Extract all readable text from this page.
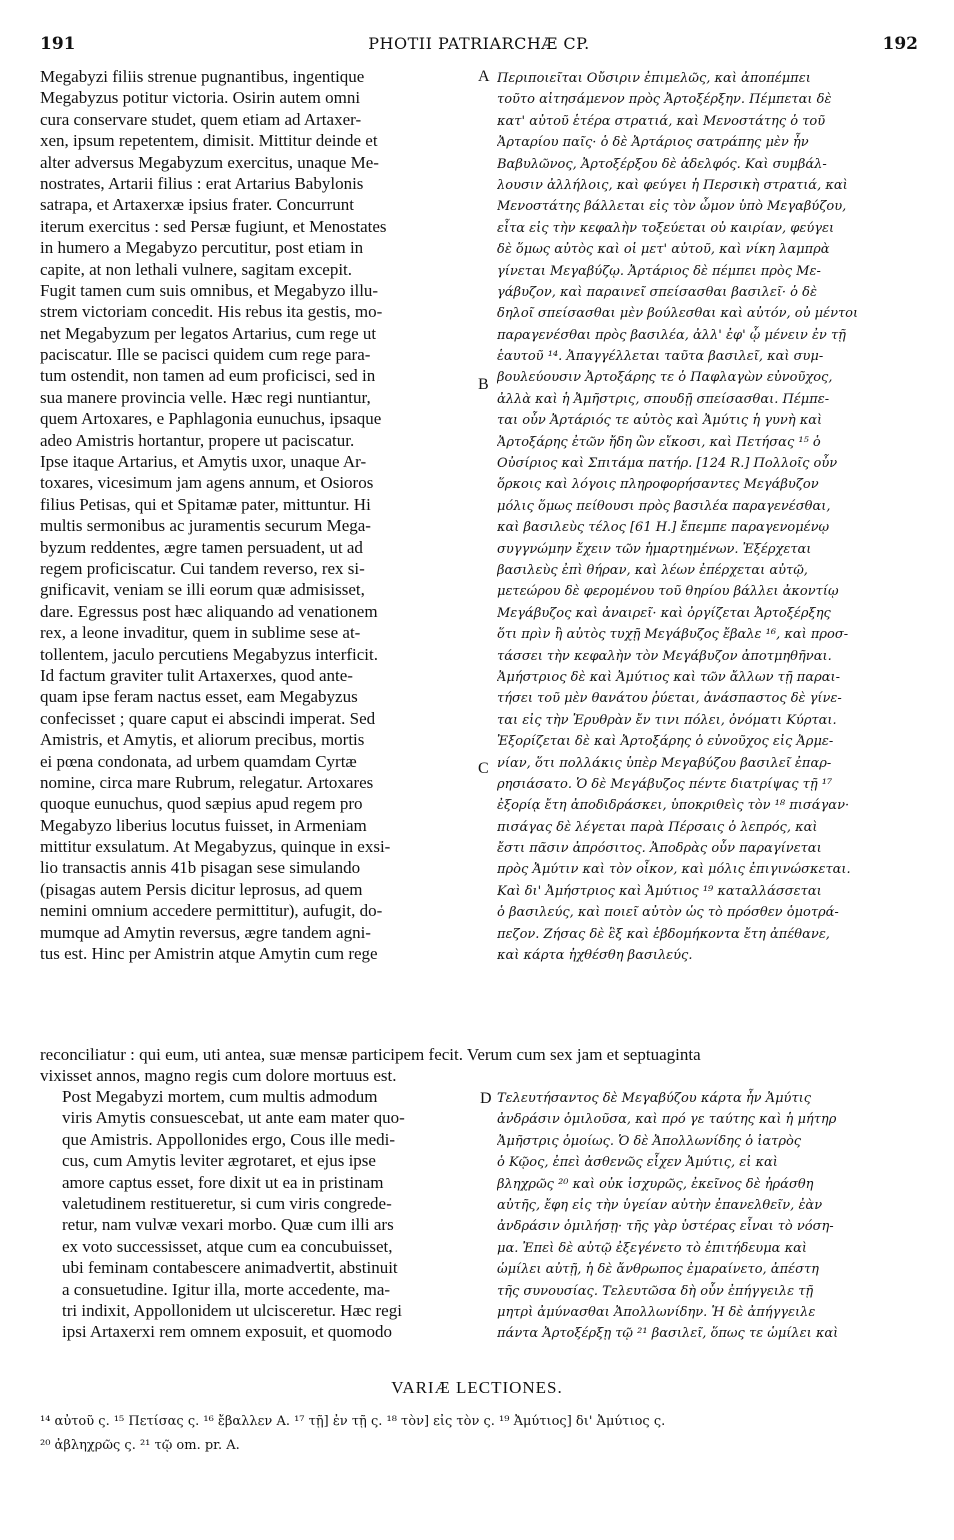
191	PHOTII PATRIARCHÆ CP.	192
Megabyzi filiis strenue pugnantibus, ingentique
Megabyzus potitur victoria. Osirin autem omni
cura conservare studet, quem etiam ad Artaxer-
xen, ipsum repetentem, dimisit. Mittitur deinde et
alter adversus Megabyzum exercitus, unaque Me-
nostrates, Artarii filius : erat Artarius Babylonis
satrapa, et Artaxerxæ ipsius frater. Concurrunt
iterum exercitus : sed Persæ fugiunt, et Menostates
in humero a Megabyzo percutitur, post etiam in
capite, at non lethali vulnere, sagitam excepit.
Fugit tamen cum suis omnibus, et Megabyzo illu-
strem victoriam concedit. His rebus ita gestis, mo-
net Megabyzum per legatos Artarius, cum rege ut
paciscatur. Ille se pacisci quidem cum rege para-
tum ostendit, non tamen ad eum proficisci, sed in
sua manere provincia velle. Hæc regi nuntiantur,
quem Artoxares, e Paphlagonia eunuchus, ipsaque
adeo Amistris hortantur, propere ut paciscatur.
Ipse itaque Artarius, et Amytis uxor, unaque Ar-
toxares, vicesimum jam agens annum, et Osioros
filius Petisas, qui et Spitamæ pater, mittuntur. Hi
multis sermonibus ac juramentis securum Mega-
byzum reddentes, ægre tamen persuadent, ut ad
regem proficiscatur. Cui tandem reverso, rex si-
gnificavit, veniam se illi eorum quæ admisisset,
dare. Egressus post hæc aliquando ad venationem
rex, a leone invaditur, quem in sublime sese at-
tollentem, jaculo percutiens Megabyzus interficit.
Id factum graviter tulit Artaxerxes, quod ante-
quam ipse feram nactus esset, eam Megabyzus
confecisset ; quare caput ei abscindi imperat. Sed
Amistris, et Amytis, et aliorum precibus, mortis
ei pœna condonata, ad urbem quamdam Cyrtæ
nomine, circa mare Rubrum, relegatur. Artoxares
quoque eunuchus, quod sæpius apud regem pro
Megabyzo liberius locutus fuisset, in Armeniam
mittitur exsulatum. At Megabyzus, quinque in exsi-
lio transactis annis 41b pisagan sese simulando
(pisagas autem Persis dicitur leprosus, ad quem
nemini omnium accedere permittitur), aufugit, do-
mumque ad Amytin reversus, ægre tandem agni-
tus est. Hinc per Amistrin atque Amytin cum rege
Περιποιεῖται Οὔσιριν ἐπιμελῶς, καὶ ἀποπέμπει
τοῦτο αἰτησάμενον πρὸς Ἀρτοξέρξην. Πέμπεται δὲ
κατ' αὐτοῦ ἑτέρα στρατιά, καὶ Μενοστάτης ὁ τοῦ
Ἀρταρίου παῖς· ὁ δὲ Ἀρτάριος σατράπης μὲν ἦν
Βαβυλῶνος, Ἀρτοξέρξου δὲ ἀδελφός. Καὶ συμβάλ-
λουσιν ἀλλήλοις, καὶ φεύγει ἡ Περσικὴ στρατιά, καὶ
Μενοστάτης βάλλεται εἰς τὸν ὦμον ὑπὸ Μεγαβύζου,
εἶτα εἰς τὴν κεφαλὴν τοξεύεται οὐ καιρίαν, φεύγει
δὲ ὅμως αὐτὸς καὶ οἱ μετ' αὐτοῦ, καὶ νίκη λαμπρὰ
γίνεται Μεγαβύζῳ. Ἀρτάριος δὲ πέμπει πρὸς Με-
γάβυζον, καὶ παραινεῖ σπείσασθαι βασιλεῖ· ὁ δὲ
δηλοῖ σπείσασθαι μὲν βούλεσθαι καὶ αὐτόν, οὐ μέντοι
παραγενέσθαι πρὸς βασιλέα, ἀλλ' ἐφ' ᾧ μένειν ἐν τῇ
ἑαυτοῦ ¹⁴. Ἀπαγγέλλεται ταῦτα βασιλεῖ, καὶ συμ-
βουλεύουσιν Ἀρτοξάρης τε ὁ Παφλαγὼν εὐνοῦχος,
ἀλλὰ καὶ ἡ Ἀμῆστρις, σπουδῇ σπείσασθαι. Πέμπε-
ται οὖν Ἀρτάριός τε αὐτὸς καὶ Ἀμύτις ἡ γυνὴ καὶ
Ἀρτοξάρης ἐτῶν ἤδη ὢν εἴκοσι, καὶ Πετήσας ¹⁵ ὁ
Οὐσίριος καὶ Σπιτάμα πατήρ. [124 R.] Πολλοῖς οὖν
ὅρκοις καὶ λόγοις πληροφορήσαντες Μεγάβυζον
μόλις ὅμως πείθουσι πρὸς βασιλέα παραγενέσθαι,
καὶ βασιλεὺς τέλος [61 H.] ἔπεμπε παραγενομένῳ
συγγνώμην ἔχειν τῶν ἡμαρτημένων. Ἐξέρχεται
βασιλεὺς ἐπὶ θήραν, καὶ λέων ἐπέρχεται αὐτῷ,
μετεώρου δὲ φερομένου τοῦ θηρίου βάλλει ἀκοντίῳ
Μεγάβυζος καὶ ἀναιρεῖ· καὶ ὀργίζεται Ἀρτοξέρξης
ὅτι πρὶν ἢ αὐτὸς τυχῇ Μεγάβυζος ἔβαλε ¹⁶, καὶ προσ-
τάσσει τὴν κεφαλὴν τὸν Μεγάβυζον ἀποτμηθῆναι.
Ἀμήστριος δὲ καὶ Ἀμύτιος καὶ τῶν ἄλλων τῇ παραι-
τήσει τοῦ μὲν θανάτου ῥύεται, ἀνάσπαστος δὲ γίνε-
ται εἰς τὴν Ἐρυθρὰν ἔν τινι πόλει, ὀνόματι Κύρται.
Ἐξορίζεται δὲ καὶ Ἀρτοξάρης ὁ εὐνοῦχος εἰς Ἀρμε-
νίαν, ὅτι πολλάκις ὑπὲρ Μεγαβύζου βασιλεῖ ἐπαρ-
ρησιάσατο. Ὁ δὲ Μεγάβυζος πέντε διατρίψας τῇ ¹⁷
ἐξορίᾳ ἔτη ἀποδιδράσκει, ὑποκριθεὶς τὸν ¹⁸ πισάγαν·
πισάγας δὲ λέγεται παρὰ Πέρσαις ὁ λεπρός, καὶ
ἔστι πᾶσιν ἀπρόσιτος. Ἀποδρὰς οὖν παραγίνεται
πρὸς Ἀμύτιν καὶ τὸν οἶκον, καὶ μόλις ἐπιγινώσκεται.
Καὶ δι' Ἀμήστριος καὶ Ἀμύτιος ¹⁹ καταλλάσσεται
ὁ βασιλεύς, καὶ ποιεῖ αὐτὸν ὡς τὸ πρόσθεν ὁμοτρά-
πεζον. Ζήσας δὲ ἓξ καὶ ἑβδομήκοντα ἔτη ἀπέθανε,
καὶ κάρτα ἠχθέσθη βασιλεύς.
A
B
C
D
reconciliatur : qui eum, uti antea, suæ mensæ participem fecit. Verum cum sex jam et septuaginta
vixisset annos, magno regis cum dolore mortuus est.
Post Megabyzi mortem, cum multis admodum
viris Amytis consuescebat, ut ante eam mater quo-
que Amistris. Appollonides ergo, Cous ille medi-
cus, cum Amytis leviter ægrotaret, et ejus ipse
amore captus esset, fore dixit ut ea in pristinam
valetudinem restitueretur, si cum viris congrede-
retur, nam vulvæ vexari morbo. Quæ cum illi ars
ex voto successisset, atque cum ea concubuisset,
ubi feminam contabescere animadvertit, abstinuit
a consuetudine. Igitur illa, morte accedente, ma-
tri indixit, Appollonidem ut ulcisceretur. Hæc regi
ipsi Artaxerxi rem omnem exposuit, et quomodo
Τελευτήσαντος δὲ Μεγαβύζου κάρτα ἦν Ἀμύτις
ἀνδράσιν ὁμιλοῦσα, καὶ πρό γε ταύτης καὶ ἡ μήτηρ
Ἀμῆστρις ὁμοίως. Ὁ δὲ Ἀπολλωνίδης ὁ ἰατρὸς
ὁ Κῷος, ἐπεὶ ἀσθενῶς εἶχεν Ἀμύτις, εἰ καὶ
βληχρῶς ²⁰ καὶ οὐκ ἰσχυρῶς, ἐκεῖνος δὲ ἠράσθη
αὐτῆς, ἔφη εἰς τὴν ὑγείαν αὐτὴν ἐπανελθεῖν, ἐὰν
ἀνδράσιν ὁμιλήσῃ· τῆς γὰρ ὑστέρας εἶναι τὸ νόση-
μα. Ἐπεὶ δὲ αὐτῷ ἐξεγένετο τὸ ἐπιτήδευμα καὶ
ὡμίλει αὐτῇ, ἡ δὲ ἄνθρωπος ἐμαραίνετο, ἀπέστη
τῆς συνουσίας. Τελευτῶσα δὴ οὖν ἐπήγγειλε τῇ
μητρὶ ἀμύνασθαι Ἀπολλωνίδην. Ἡ δὲ ἀπήγγειλε
πάντα Ἀρτοξέρξῃ τῷ ²¹ βασιλεῖ, ὅπως τε ὡμίλει καὶ
VARIÆ LECTIONES.
¹⁴ αὐτοῦ ς. ¹⁵ Πετίσας ς. ¹⁶ ἔβαλλεν A. ¹⁷ τῇ] ἐν τῇ ς. ¹⁸ τὸν] εἰς τὸν ς. ¹⁹ Ἀμύτιος] δι' Ἀμύτιος ς.
²⁰ ἀβληχρῶς ς. ²¹ τῷ om. pr. A.
